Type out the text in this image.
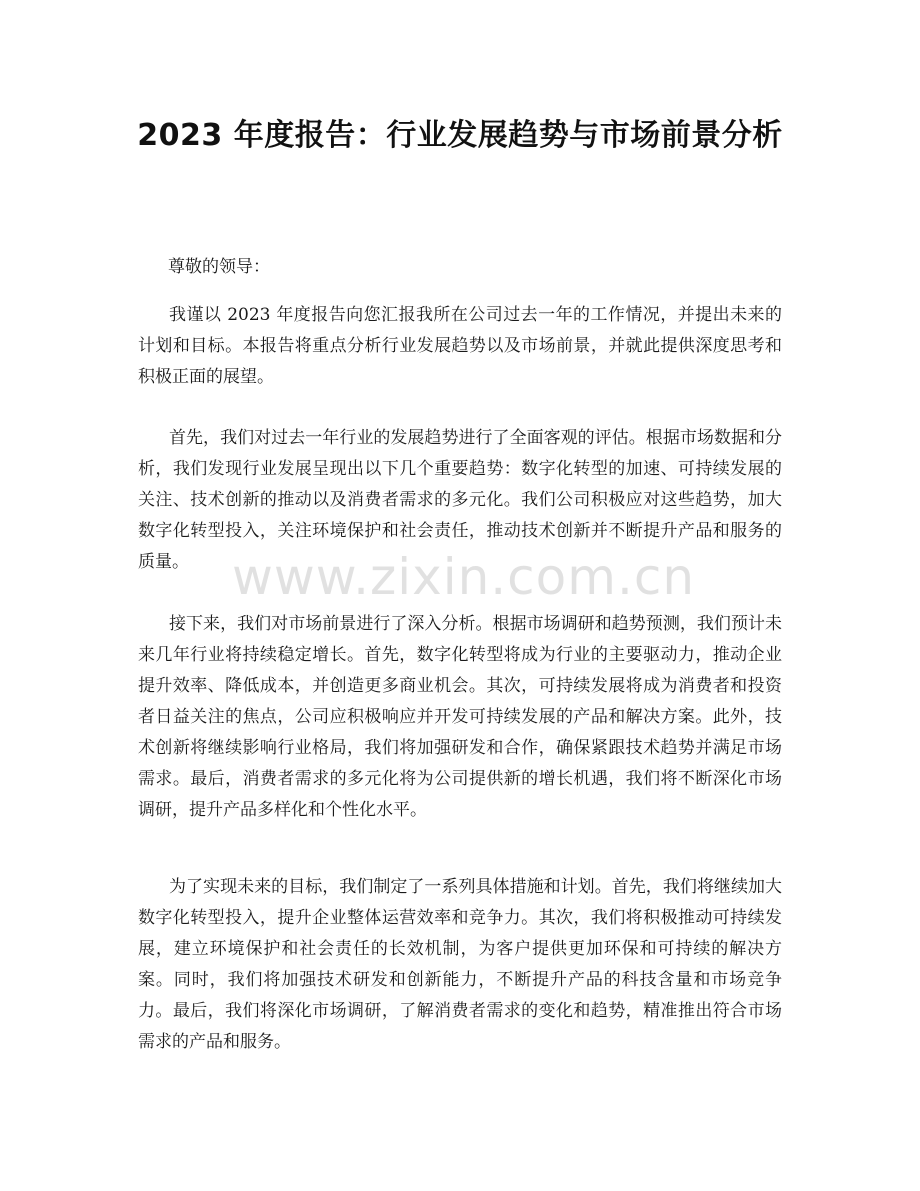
2023 年度报告：行业发展趋势与市场前景分析
尊敬的领导：
我谨以 2023 年度报告向您汇报我所在公司过去一年的工作情况，并提出未来的计划和目标。本报告将重点分析行业发展趋势以及市场前景，并就此提供深度思考和积极正面的展望。
首先，我们对过去一年行业的发展趋势进行了全面客观的评估。根据市场数据和分析，我们发现行业发展呈现出以下几个重要趋势：数字化转型的加速、可持续发展的关注、技术创新的推动以及消费者需求的多元化。我们公司积极应对这些趋势，加大数字化转型投入，关注环境保护和社会责任，推动技术创新并不断提升产品和服务的质量。
接下来，我们对市场前景进行了深入分析。根据市场调研和趋势预测，我们预计未来几年行业将持续稳定增长。首先，数字化转型将成为行业的主要驱动力，推动企业提升效率、降低成本，并创造更多商业机会。其次，可持续发展将成为消费者和投资者日益关注的焦点，公司应积极响应并开发可持续发展的产品和解决方案。此外，技术创新将继续影响行业格局，我们将加强研发和合作，确保紧跟技术趋势并满足市场需求。最后，消费者需求的多元化将为公司提供新的增长机遇，我们将不断深化市场调研，提升产品多样化和个性化水平。
为了实现未来的目标，我们制定了一系列具体措施和计划。首先，我们将继续加大数字化转型投入，提升企业整体运营效率和竞争力。其次，我们将积极推动可持续发展，建立环境保护和社会责任的长效机制，为客户提供更加环保和可持续的解决方案。同时，我们将加强技术研发和创新能力，不断提升产品的科技含量和市场竞争力。最后，我们将深化市场调研，了解消费者需求的变化和趋势，精准推出符合市场需求的产品和服务。
www.zixin.com.cn
